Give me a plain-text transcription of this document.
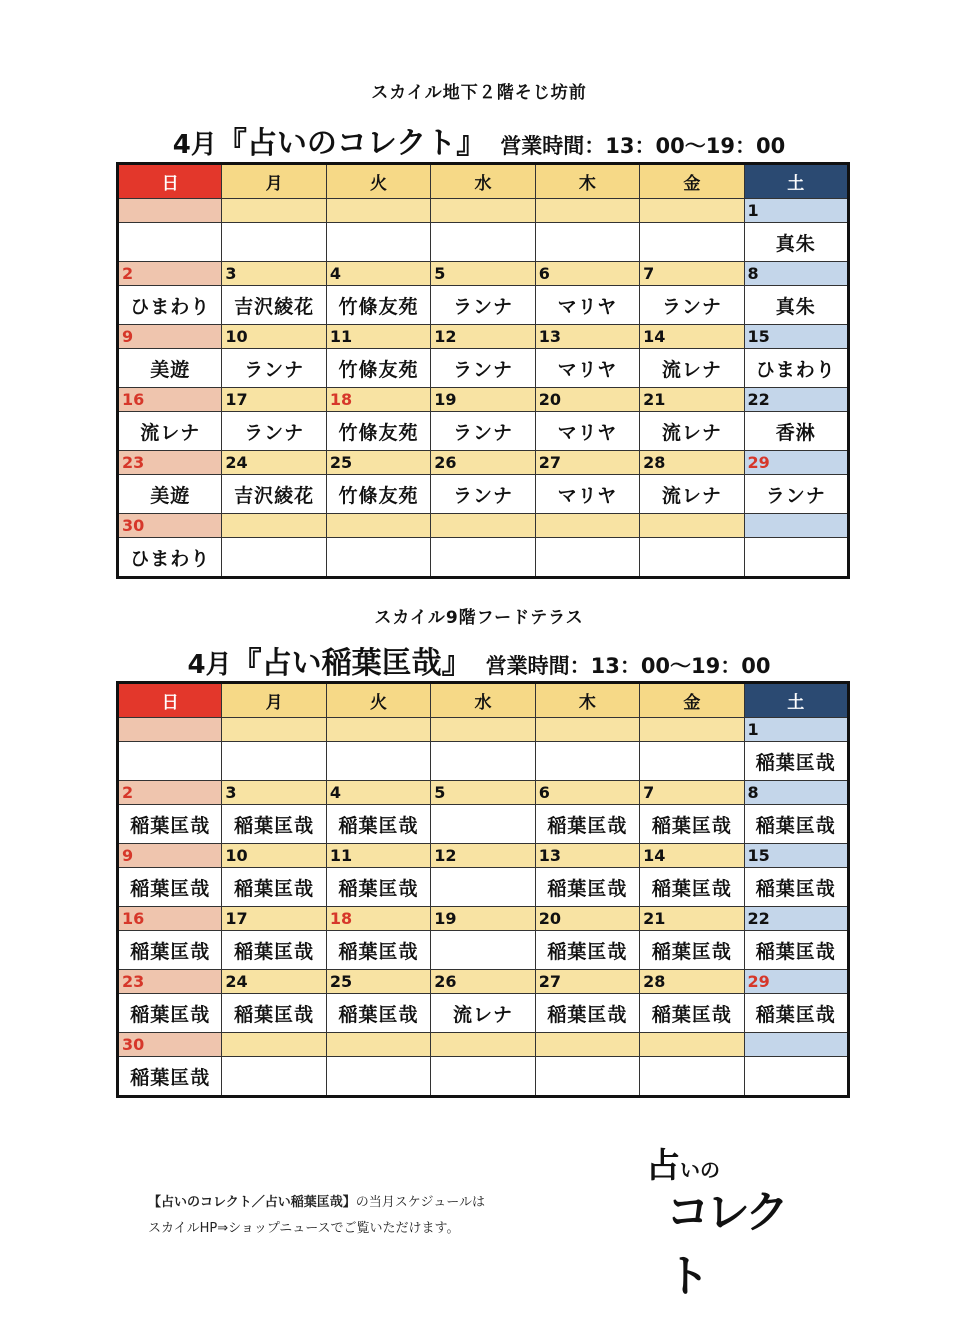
スカイル地下２階そじ坊前
4月『占いのコレクト』 営業時間：13：00〜19：00
日	月	火	水	木	金	土
						1
						真朱
2	3	4	5	6	7	8
ひまわり	吉沢綾花	竹條友苑	ランナ	マリヤ	ランナ	真朱
9	10	11	12	13	14	15
美遊	ランナ	竹條友苑	ランナ	マリヤ	流レナ	ひまわり
16	17	18	19	20	21	22
流レナ	ランナ	竹條友苑	ランナ	マリヤ	流レナ	香淋
23	24	25	26	27	28	29
美遊	吉沢綾花	竹條友苑	ランナ	マリヤ	流レナ	ランナ
30						
ひまわり						
スカイル9階フードテラス
4月『占い稲葉匡哉』 営業時間：13：00〜19：00
日	月	火	水	木	金	土
						1
						稲葉匡哉
2	3	4	5	6	7	8
稲葉匡哉	稲葉匡哉	稲葉匡哉		稲葉匡哉	稲葉匡哉	稲葉匡哉
9	10	11	12	13	14	15
稲葉匡哉	稲葉匡哉	稲葉匡哉		稲葉匡哉	稲葉匡哉	稲葉匡哉
16	17	18	19	20	21	22
稲葉匡哉	稲葉匡哉	稲葉匡哉		稲葉匡哉	稲葉匡哉	稲葉匡哉
23	24	25	26	27	28	29
稲葉匡哉	稲葉匡哉	稲葉匡哉	流レナ	稲葉匡哉	稲葉匡哉	稲葉匡哉
30						
稲葉匡哉						
【占いのコレクト／占い稲葉匡哉】の当月スケジュールは
スカイルHP⇒ショップニュースでご覧いただけます。
占いの
コレクト
